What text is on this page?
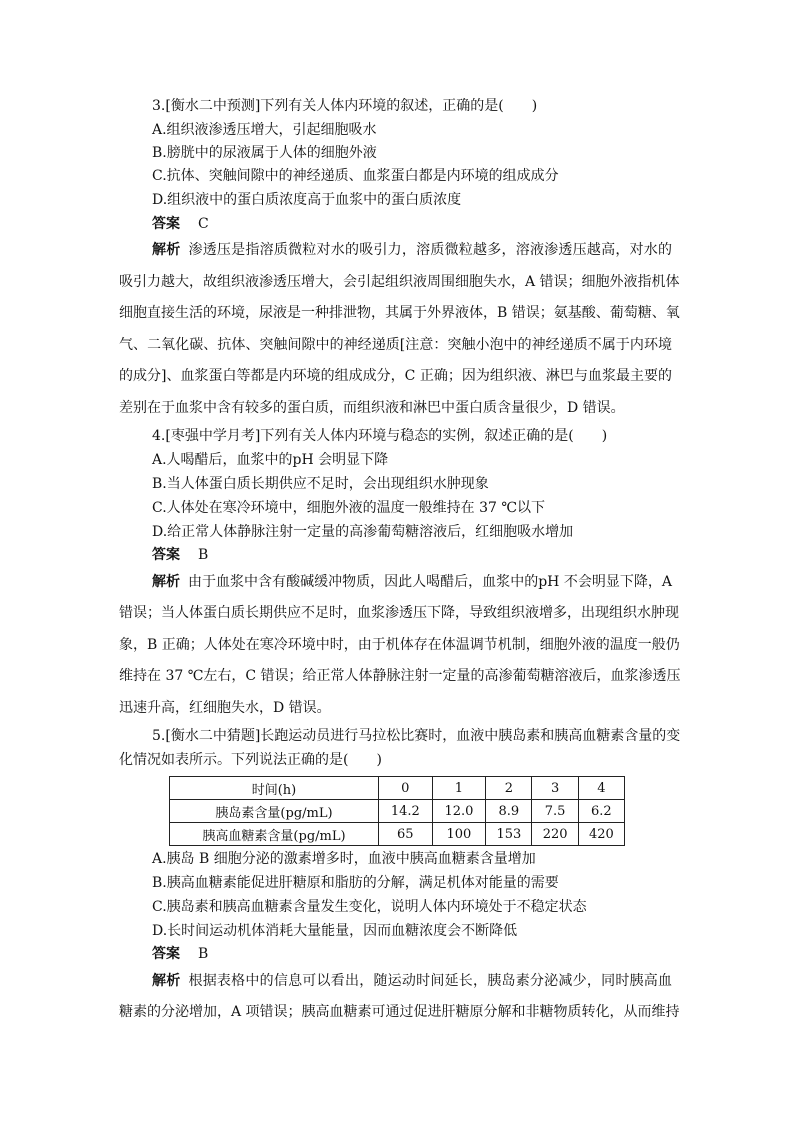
3.[衡水二中预测]下列有关人体内环境的叙述，正确的是(　　)
A.组织液渗透压增大，引起细胞吸水
B.膀胱中的尿液属于人体的细胞外液
C.抗体、突触间隙中的神经递质、血浆蛋白都是内环境的组成成分
D.组织液中的蛋白质浓度高于血浆中的蛋白质浓度
答案 C
解析 渗透压是指溶质微粒对水的吸引力，溶质微粒越多，溶液渗透压越高，对水的
吸引力越大，故组织液渗透压增大，会引起组织液周围细胞失水，A 错误；细胞外液指机体
细胞直接生活的环境，尿液是一种排泄物，其属于外界液体，B 错误；氨基酸、葡萄糖、氧
气、二氧化碳、抗体、突触间隙中的神经递质[注意：突触小泡中的神经递质不属于内环境
的成分]、血浆蛋白等都是内环境的组成成分，C 正确；因为组织液、淋巴与血浆最主要的
差别在于血浆中含有较多的蛋白质，而组织液和淋巴中蛋白质含量很少，D 错误。
4.[枣强中学月考]下列有关人体内环境与稳态的实例，叙述正确的是(　　)
A.人喝醋后，血浆中的pH 会明显下降
B.当人体蛋白质长期供应不足时，会出现组织水肿现象
C.人体处在寒冷环境中，细胞外液的温度一般维持在 37 ℃以下
D.给正常人体静脉注射一定量的高渗葡萄糖溶液后，红细胞吸水增加
答案 B
解析 由于血浆中含有酸碱缓冲物质，因此人喝醋后，血浆中的pH 不会明显下降，A
错误；当人体蛋白质长期供应不足时，血浆渗透压下降，导致组织液增多，出现组织水肿现
象，B 正确；人体处在寒冷环境中时，由于机体存在体温调节机制，细胞外液的温度一般仍
维持在 37 ℃左右，C 错误；给正常人体静脉注射一定量的高渗葡萄糖溶液后，血浆渗透压
迅速升高，红细胞失水，D 错误。
5.[衡水二中猜题]长跑运动员进行马拉松比赛时，血液中胰岛素和胰高血糖素含量的变
化情况如表所示。下列说法正确的是(　　)
时间(h)	0	1	2	3	4
胰岛素含量(pg/mL)	14.2	12.0	8.9	7.5	6.2
胰高血糖素含量(pg/mL)	65	100	153	220	420
A.胰岛 B 细胞分泌的激素增多时，血液中胰高血糖素含量增加
B.胰高血糖素能促进肝糖原和脂肪的分解，满足机体对能量的需要
C.胰岛素和胰高血糖素含量发生变化，说明人体内环境处于不稳定状态
D.长时间运动机体消耗大量能量，因而血糖浓度会不断降低
答案 B
解析 根据表格中的信息可以看出，随运动时间延长，胰岛素分泌减少，同时胰高血
糖素的分泌增加，A 项错误；胰高血糖素可通过促进肝糖原分解和非糖物质转化，从而维持
